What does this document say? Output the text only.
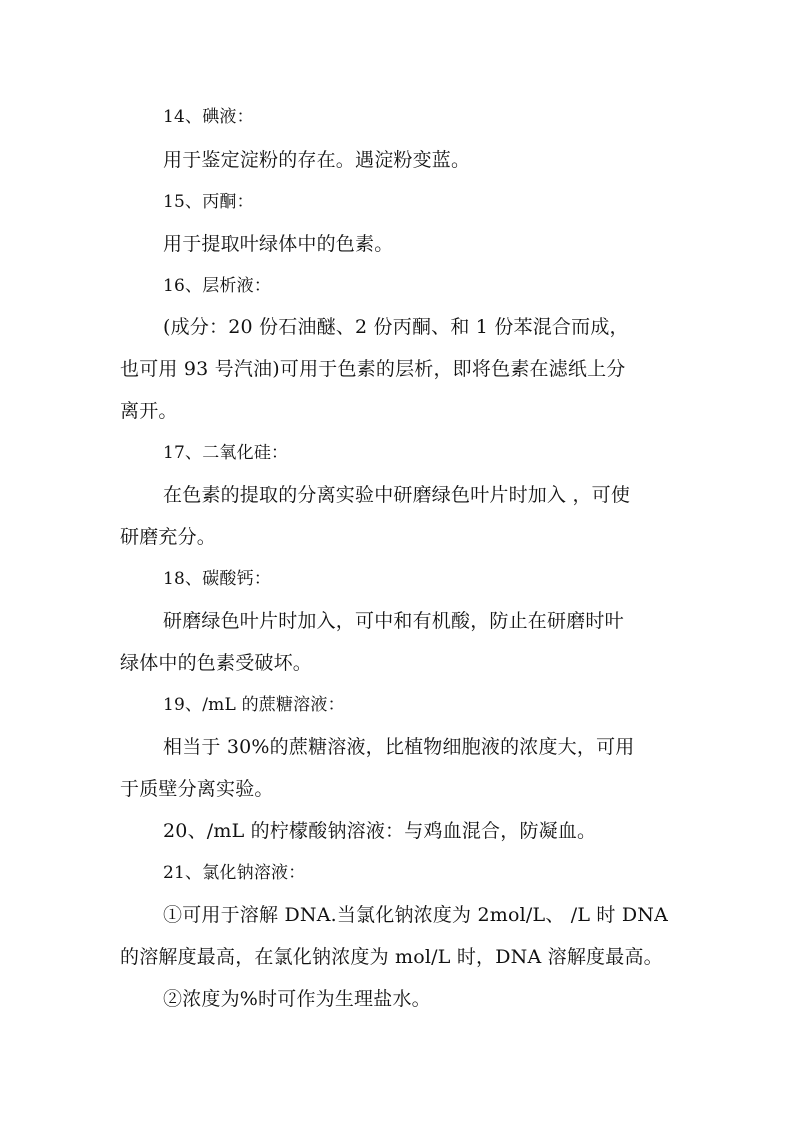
14、碘液：
用于鉴定淀粉的存在。遇淀粉变蓝。
15、丙酮：
用于提取叶绿体中的色素。
16、层析液：
(成分：20 份石油醚、2 份丙酮、和 1 份苯混合而成，
也可用 93 号汽油)可用于色素的层析，即将色素在滤纸上分
离开。
17、二氧化硅：
在色素的提取的分离实验中研磨绿色叶片时加入 ，可使
研磨充分。
18、碳酸钙：
研磨绿色叶片时加入，可中和有机酸，防止在研磨时叶
绿体中的色素受破坏。
19、/mL 的蔗糖溶液：
相当于 30%的蔗糖溶液，比植物细胞液的浓度大，可用
于质壁分离实验。
20、/mL 的柠檬酸钠溶液：与鸡血混合，防凝血。
21、氯化钠溶液：
①可用于溶解 DNA.当氯化钠浓度为 2mol/L、 /L 时 DNA
的溶解度最高，在氯化钠浓度为 mol/L 时，DNA 溶解度最高。
②浓度为%时可作为生理盐水。
